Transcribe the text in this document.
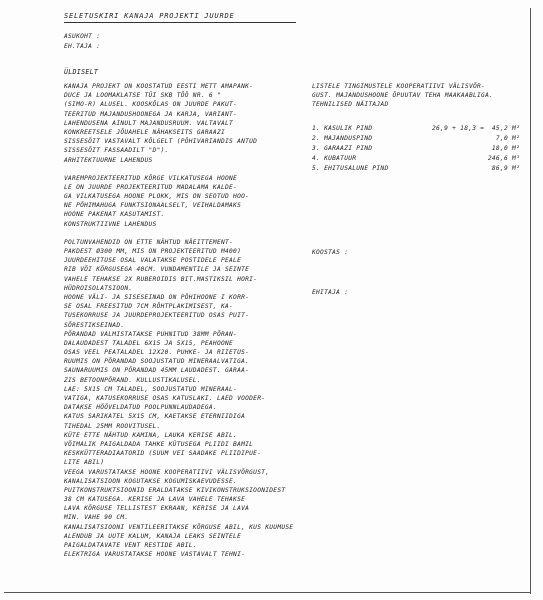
SELETUSKIRI KANAJA PROJEKTI JUURDE
ASUKOHT :
EH.TAJA :
ÜLDISELT
KANAJA PROJEKT ON KOOSTATUD EESTI METT AMAPANK-
DUCE JA LOOMAKLATSE TÜI SKB TÖÖ NR. 6 "
(SIMO-R) ALUSEL. KOOSKÕLAS ON JUURDE PAKUT-
TEERITUD MAJANDUSHOONEGA JA KARJA, VARIANT-
LAHENDUSENA AINULT MAJANDUSRUUM. VALTAVALT
KONKREETSELE JÕUAHELE NÄHAKSEITS GARAAZI
SISSESÕIT VASTAVALT KÕLGELT (PÕHIVARIANDIS ANTUD
SISSESÕIT FASSAADILT "D").
ARHITEKTUURNE LAHENDUS
VAREMPROJEKTEERITUD KÕRGE VILKATUSEGA HOONE
LE ON JUURDE PROJEKTEERITUD MADALAMA KALDE-
GA VILKATUSEGA HOONE PLOKK, MIS ON SEOTUD HOO-
NE PÕHIMAHUGA FUNKTSIONAALSELT, VEIHALDAMAKS
HOONE PAKENAT KASUTAMIST.
KONSTRUKTIIVNE LAHENDUS
POLTUNVAHENDID ON ETTE NÄHTUD NÄEITTEMENT-
PAKDEST Ø300 MM, MIS ON PROJEKTEERITUD M400)
JUURDEEHITUSE OSAL VALATAKSE POSTIDELE PEALE
RIB VÕI KÕRGUSEGA 40CM. VUNDAMENTILE JA SEINTE
VAHELE TEHAKSE 2X RUBEROIDIS BIT.MASTIKSIL HORI-
HÜDROISOLATSIOON.
HOONE VÄLI- JA SISESEINAD ON PÕHIHOONE I KORR-
SE OSAL FREESITUD 7CM RÕHTPLAKIMISEST, KA-
TUSEKORRUSE JA JUURDEPROJEKTEERITUD OSAS PUIT-
SÕRESTIKSEINAD.
PÕRANDAD VALMISTATAKSE PUHNITUD 38MM PÕRAN-
DALAUDADEST TALADEL 6X15 JA 5X15, PEAHOONE
OSAS VEEL PEATALADEL 12X20. PUHKE- JA RIIETUS-
RUUMIS ON PÕRANDAD SOOJUSTATUD MINERAALVATIGA.
SAUNARUUMIS ON PÕRANDAD 45MM LAUDADEST. GARAA-
ZIS BETOONPÕRAND. KULLUSTIKALUSEL.
LAE: 5X15 CM TALADEL, SOOJUSTATUD MINERAAL-
VATIGA, KATUSEKORRUSE OSAS KATUSLAKI. LAED VOODER-
DATAKSE HÖÖVELDATUD POOLPUNNLAUDADEGA.
KATUS SARIKATEL 5X15 CM, KAETAKSE ETERNIIDIGA
TIHEDAL 25MM ROOVITUSEL.
KÜTE ETTE NÄHTUD KAMINA, LAUKA KERISE ABIL.
VÕIMALIK PAIGALDADA TAHKE KÜTUSEGA PLIIDI BAMIL
KESKKÜTTERADIAATORID (SUUM VEI SAADAKE PLIIDIPUE-
LITE ABIL)
VEEGA VARUSTATAKSE HOONE KOOPERATIIVI VÄLISVÕRGUST,
KANALISATSIOON KOGUTAKSE KOGUMISKAEVUDESSE.
PUITKONSTRUKTSIOONID ERALDATAKSE KIVIKONSTRUKSIOONIDEST
38 CM KATUSEGA. KERISE JA LAVA VAHELE TEHAKSE
LAVA KÕRGUSE TELLISTEST EKRAAN, KERISE JA LAVA
MIN. VAHE 90 CM.
KANALISATSIOONI VENTILEERITAKSE KÕRGUSE ABIL, KUS KUUMUSE
ALENDUB JA UUTE KALUM, KANAJA LEAKS SEINTELE
PAIGALDATAVATE VENT RESTIDE ABIL.
ELEKTRIGA VARUSTATAKSE HOONE VASTAVALT TEHNI-
LISTELE TINGIMUSTELE KOOPERATIIVI VÄLISVÕR-
GUST. MAJANDUSHOONE ÕPUUTAV TEHA MAAKAABLIGA.
TEHNILISED NÄITAJAD
1. KASULIK PIND	26,9 + 18,3 =	45,2 M²
2. MAJANDUSPIND	7,0 M²
3. GARAAZI PIND	18,0 M²
4. KUBATUUR	246,6 M³
5. EHITUSALUNE PIND	86,9 M²
KOOSTAS :
EHITAJA :
